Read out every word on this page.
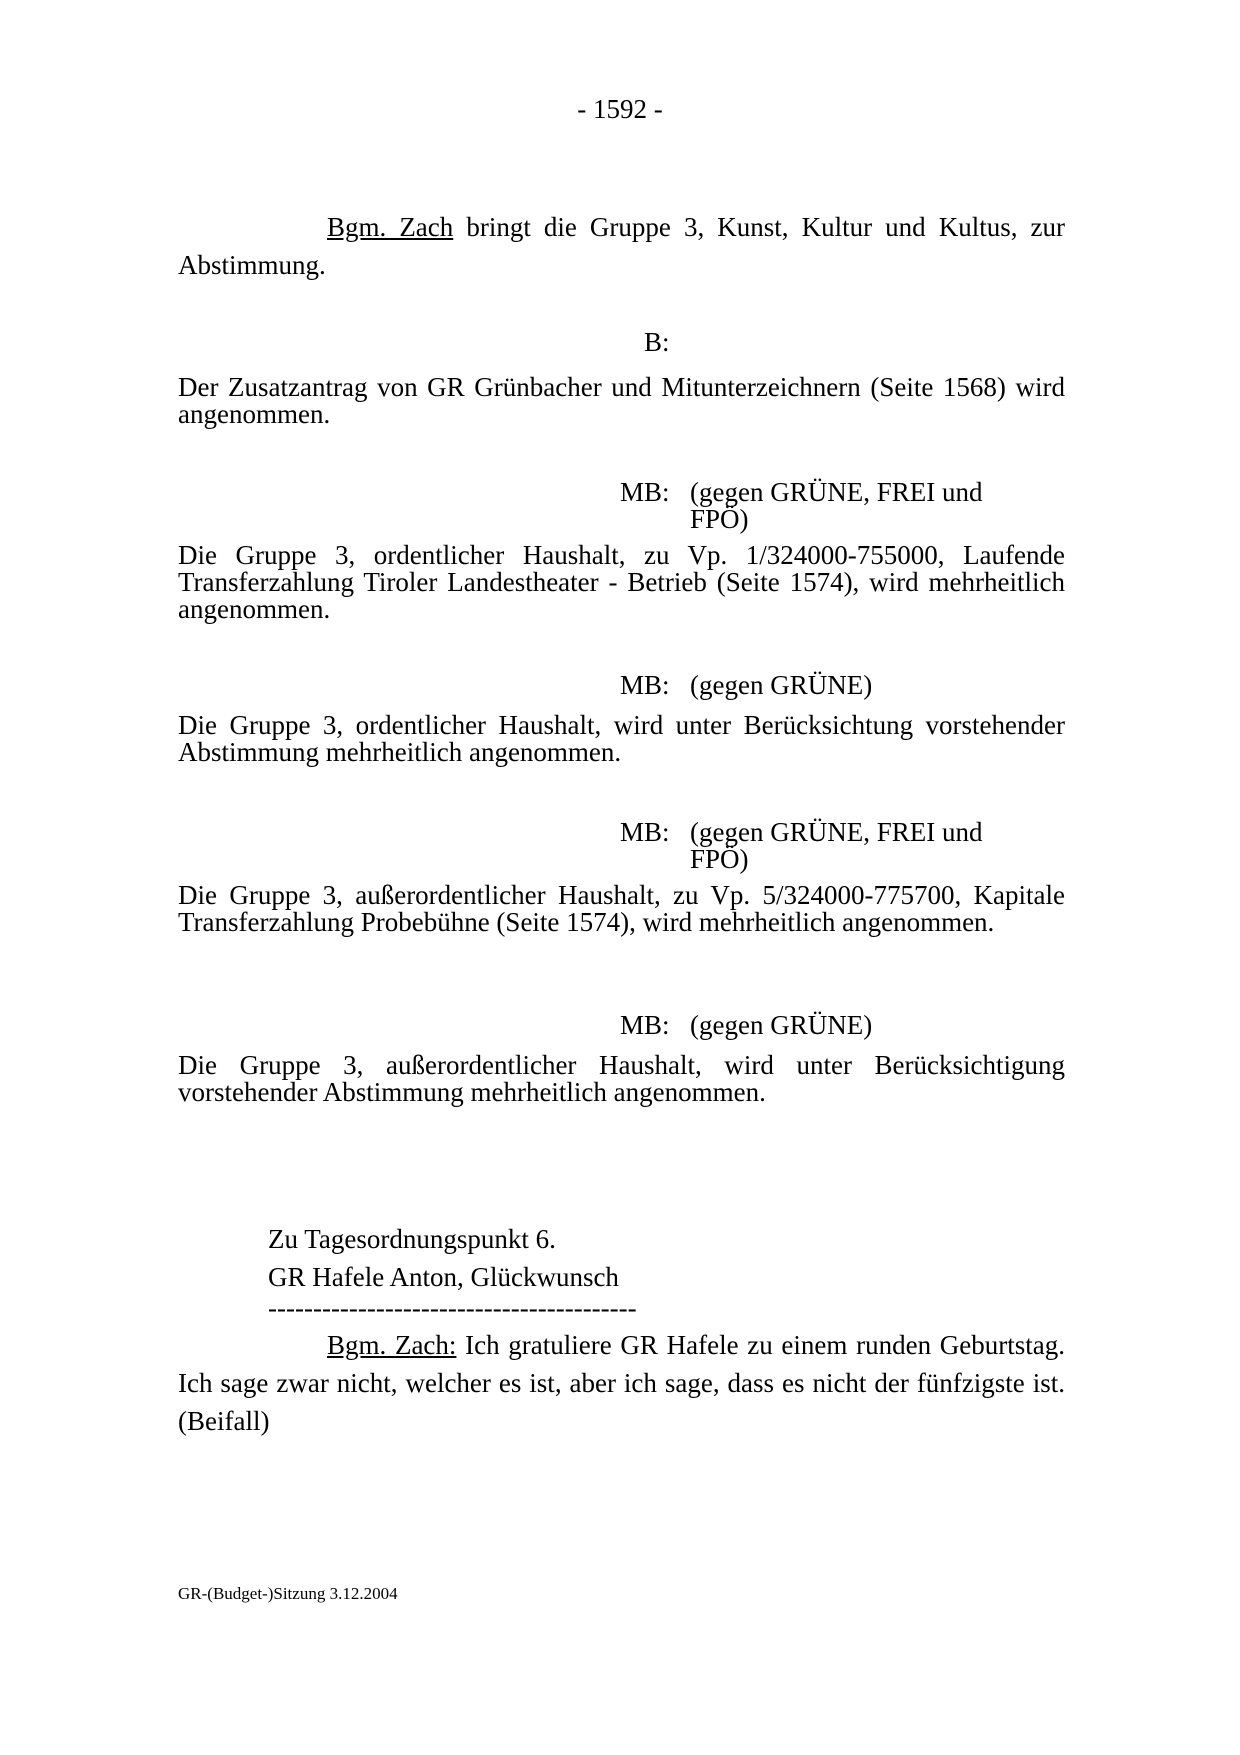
- 1592 -
Bgm. Zach bringt die Gruppe 3, Kunst, Kultur und Kultus, zur Abstimmung.
B:
Der Zusatzantrag von GR Grünbacher und Mitunterzeichnern (Seite 1568) wird angenommen.
MB: (gegen GRÜNE, FREI und FPÖ)
Die Gruppe 3, ordentlicher Haushalt, zu Vp. 1/324000-755000, Laufende Transferzahlung Tiroler Landestheater - Betrieb (Seite 1574), wird mehrheitlich angenommen.
MB: (gegen GRÜNE)
Die Gruppe 3, ordentlicher Haushalt, wird unter Berücksichtung vorstehender Abstimmung mehrheitlich angenommen.
MB: (gegen GRÜNE, FREI und FPÖ)
Die Gruppe 3, außerordentlicher Haushalt, zu Vp. 5/324000-775700, Kapitale Transferzahlung Probebühne (Seite 1574), wird mehrheitlich angenommen.
MB: (gegen GRÜNE)
Die Gruppe 3, außerordentlicher Haushalt, wird unter Berücksichtigung vorstehender Abstimmung mehrheitlich angenommen.
Zu Tagesordnungspunkt 6.
GR Hafele Anton, Glückwunsch
-----------------------------------------
Bgm. Zach: Ich gratuliere GR Hafele zu einem runden Geburtstag. Ich sage zwar nicht, welcher es ist, aber ich sage, dass es nicht der fünfzigste ist. (Beifall)
GR-(Budget-)Sitzung 3.12.2004
